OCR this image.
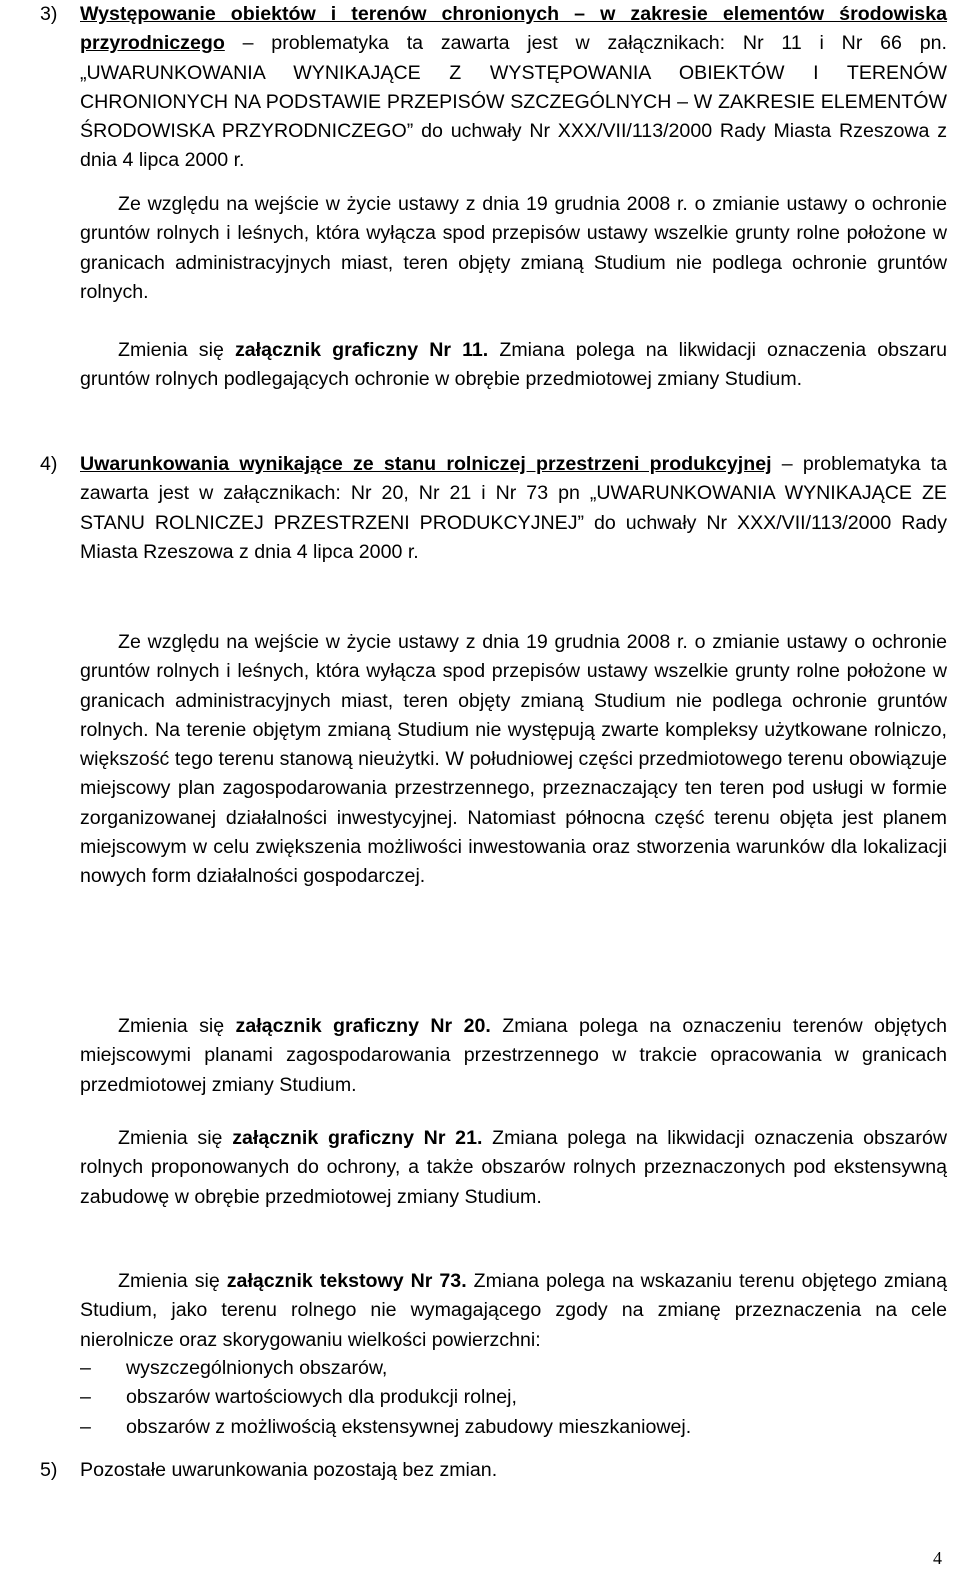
3) Występowanie obiektów i terenów chronionych – w zakresie elementów środowiska przyrodniczego – problematyka ta zawarta jest w załącznikach: Nr 11 i Nr 66 pn. „UWARUNKOWANIA WYNIKAJĄCE Z WYSTĘPOWANIA OBIEKTÓW I TERENÓW CHRONIONYCH NA PODSTAWIE PRZEPISÓW SZCZEGÓLNYCH – W ZAKRESIE ELEMENTÓW ŚRODOWISKA PRZYRODNICZEGO” do uchwały Nr XXX/VII/113/2000 Rady Miasta Rzeszowa z dnia 4 lipca 2000 r.
Ze względu na wejście w życie ustawy z dnia 19 grudnia 2008 r. o zmianie ustawy o ochronie gruntów rolnych i leśnych, która wyłącza spod przepisów ustawy wszelkie grunty rolne położone w granicach administracyjnych miast, teren objęty zmianą Studium nie podlega ochronie gruntów rolnych.
Zmienia się załącznik graficzny Nr 11. Zmiana polega na likwidacji oznaczenia obszaru gruntów rolnych podlegających ochronie w obrębie przedmiotowej zmiany Studium.
4) Uwarunkowania wynikające ze stanu rolniczej przestrzeni produkcyjnej – problematyka ta zawarta jest w załącznikach: Nr 20, Nr 21 i Nr 73 pn „UWARUNKOWANIA WYNIKAJĄCE ZE STANU ROLNICZEJ PRZESTRZENI PRODUKCYJNEJ” do uchwały Nr XXX/VII/113/2000 Rady Miasta Rzeszowa z dnia 4 lipca 2000 r.
Ze względu na wejście w życie ustawy z dnia 19 grudnia 2008 r. o zmianie ustawy o ochronie gruntów rolnych i leśnych, która wyłącza spod przepisów ustawy wszelkie grunty rolne położone w granicach administracyjnych miast, teren objęty zmianą Studium nie podlega ochronie gruntów rolnych. Na terenie objętym zmianą Studium nie występują zwarte kompleksy użytkowane rolniczo, większość tego terenu stanową nieużytki. W południowej części przedmiotowego terenu obowiązuje miejscowy plan zagospodarowania przestrzennego, przeznaczający ten teren pod usługi w formie zorganizowanej działalności inwestycyjnej. Natomiast północna część terenu objęta jest planem miejscowym w celu zwiększenia możliwości inwestowania oraz stworzenia warunków dla lokalizacji nowych form działalności gospodarczej.
Zmienia się załącznik graficzny Nr 20. Zmiana polega na oznaczeniu terenów objętych miejscowymi planami zagospodarowania przestrzennego w trakcie opracowania w granicach przedmiotowej zmiany Studium.
Zmienia się załącznik graficzny Nr 21. Zmiana polega na likwidacji oznaczenia obszarów rolnych proponowanych do ochrony, a także obszarów rolnych przeznaczonych pod ekstensywną zabudowę w obrębie przedmiotowej zmiany Studium.
Zmienia się załącznik tekstowy Nr 73. Zmiana polega na wskazaniu terenu objętego zmianą Studium, jako terenu rolnego nie wymagającego zgody na zmianę przeznaczenia na cele nierolnicze oraz skorygowaniu wielkości powierzchni:
– wyszczególnionych obszarów,
– obszarów wartościowych dla produkcji rolnej,
– obszarów z możliwością ekstensywnej zabudowy mieszkaniowej.
5) Pozostałe uwarunkowania pozostają bez zmian.
4
